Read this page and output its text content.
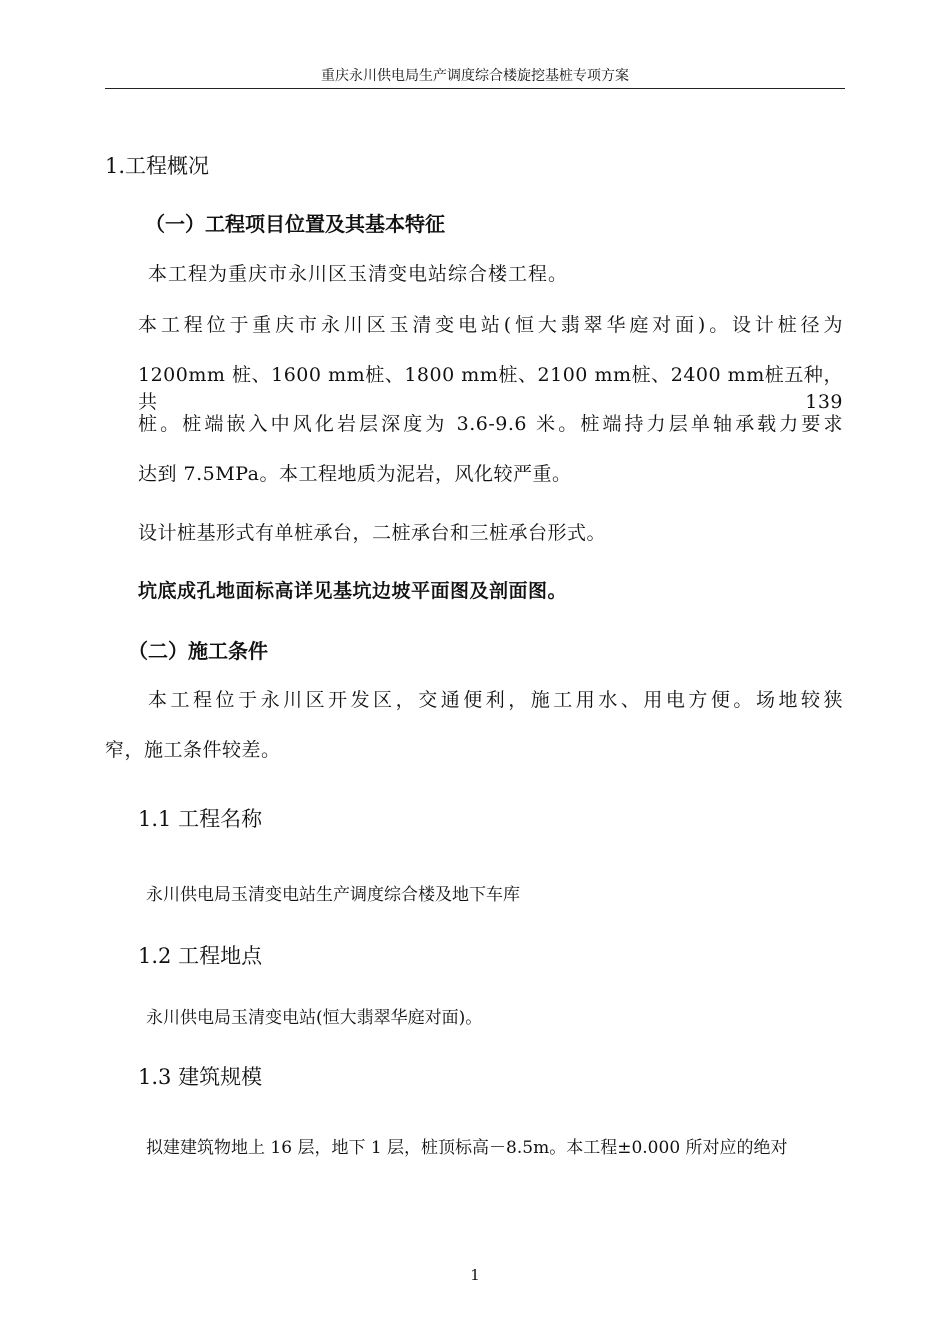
重庆永川供电局生产调度综合楼旋挖基桩专项方案
1.工程概况
（一）工程项目位置及其基本特征
本工程为重庆市永川区玉清变电站综合楼工程。
本工程位于重庆市永川区玉清变电站(恒大翡翠华庭对面)。设计桩径为
1200mm 桩、1600 mm桩、1800 mm桩、2100 mm桩、2400 mm桩五种，共 139
桩。桩端嵌入中风化岩层深度为 3.6-9.6 米。桩端持力层单轴承载力要求
达到 7.5MPa。本工程地质为泥岩，风化较严重。
设计桩基形式有单桩承台，二桩承台和三桩承台形式。
坑底成孔地面标高详见基坑边坡平面图及剖面图。
（二）施工条件
本工程位于永川区开发区，交通便利，施工用水、用电方便。场地较狭
窄，施工条件较差。
1.1 工程名称
永川供电局玉清变电站生产调度综合楼及地下车库
1.2 工程地点
永川供电局玉清变电站(恒大翡翠华庭对面)。
1.3 建筑规模
拟建建筑物地上 16 层，地下 1 层，桩顶标高－8.5m。本工程±0.000 所对应的绝对
1
